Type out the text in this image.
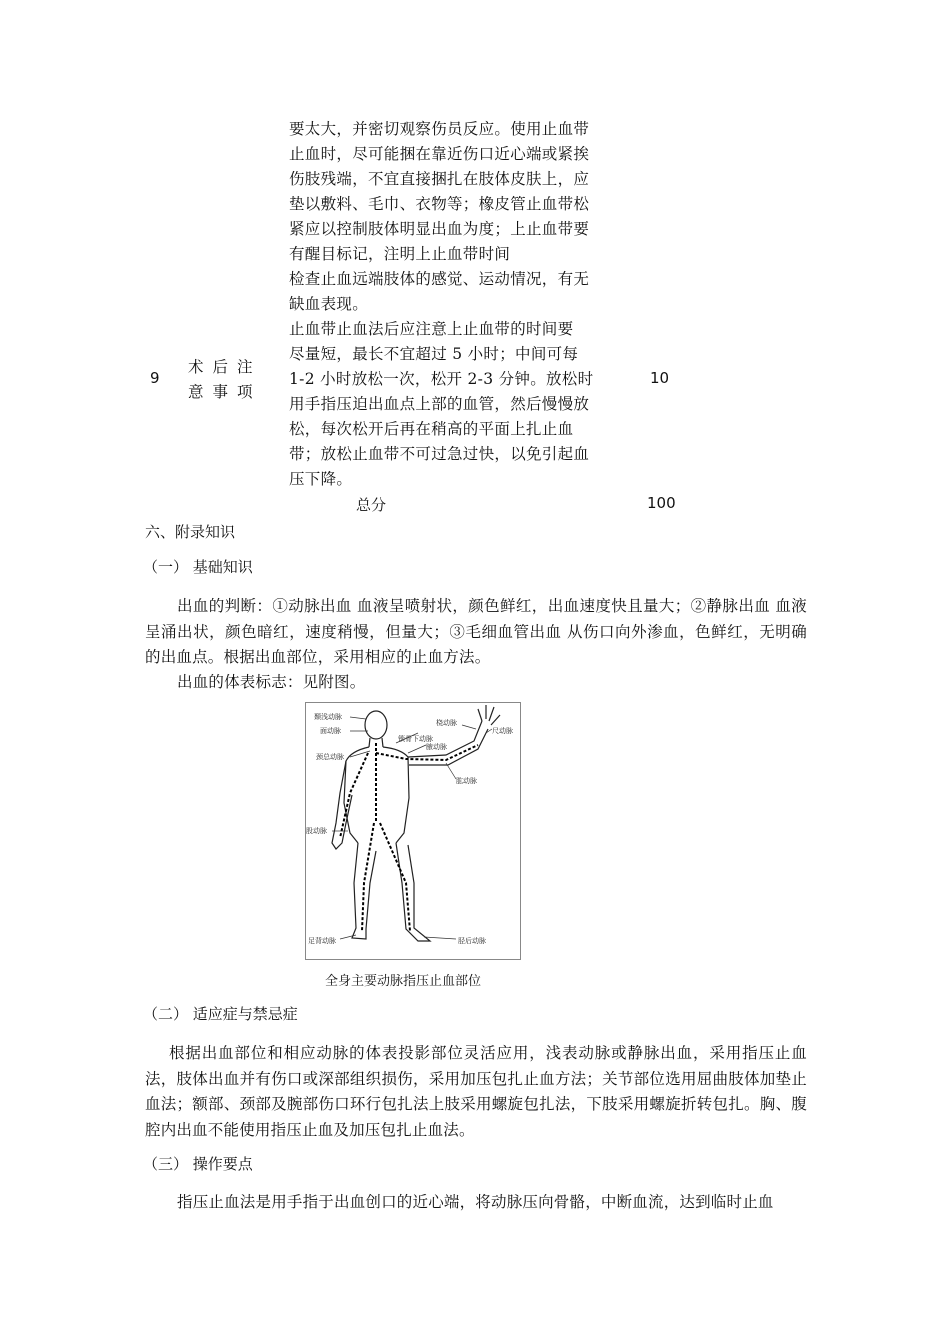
9
术后注意事项

要太大，并密切观察伤员反应。使用止血带

止血时，尽可能捆在靠近伤口近心端或紧挨

伤肢残端，不宜直接捆扎在肢体皮肤上，应

垫以敷料、毛巾、衣物等；橡皮管止血带松

紧应以控制肢体明显出血为度；上止血带要

有醒目标记，注明上止血带时间

检查止血远端肢体的感觉、运动情况，有无

缺血表现。

止血带止血法后应注意上止血带的时间要

尽量短，最长不宜超过 5 小时；中间可每

1-2 小时放松一次，松开 2-3 分钟。放松时

用手指压迫出血点上部的血管，然后慢慢放

松，每次松开后再在稍高的平面上扎止血

带；放松止血带不可过急过快，以免引起血

压下降。

10
总分	100
六、附录知识
（一） 基础知识
出血的判断：①动脉出血 血液呈喷射状，颜色鲜红，出血速度快且量大；②静脉出血 血液呈涌出状，颜色暗红，速度稍慢，但量大；③毛细血管出血 从伤口向外渗血，色鲜红，无明确的出血点。根据出血部位，采用相应的止血方法。
出血的体表标志：见附图。
颞浅动脉
面动脉
颈总动脉
锁骨下动脉
桡动脉
腋动脉
尺动脉
肱动脉
股动脉
足背动脉	胫后动脉
全身主要动脉指压止血部位
（二） 适应症与禁忌症
根据出血部位和相应动脉的体表投影部位灵活应用，浅表动脉或静脉出血，采用指压止血法，肢体出血并有伤口或深部组织损伤，采用加压包扎止血方法；关节部位选用屈曲肢体加垫止血法；额部、颈部及腕部伤口环行包扎法上肢采用螺旋包扎法，下肢采用螺旋折转包扎。胸、腹腔内出血不能使用指压止血及加压包扎止血法。
（三） 操作要点
指压止血法是用手指于出血创口的近心端，将动脉压向骨骼，中断血流，达到临时止血
